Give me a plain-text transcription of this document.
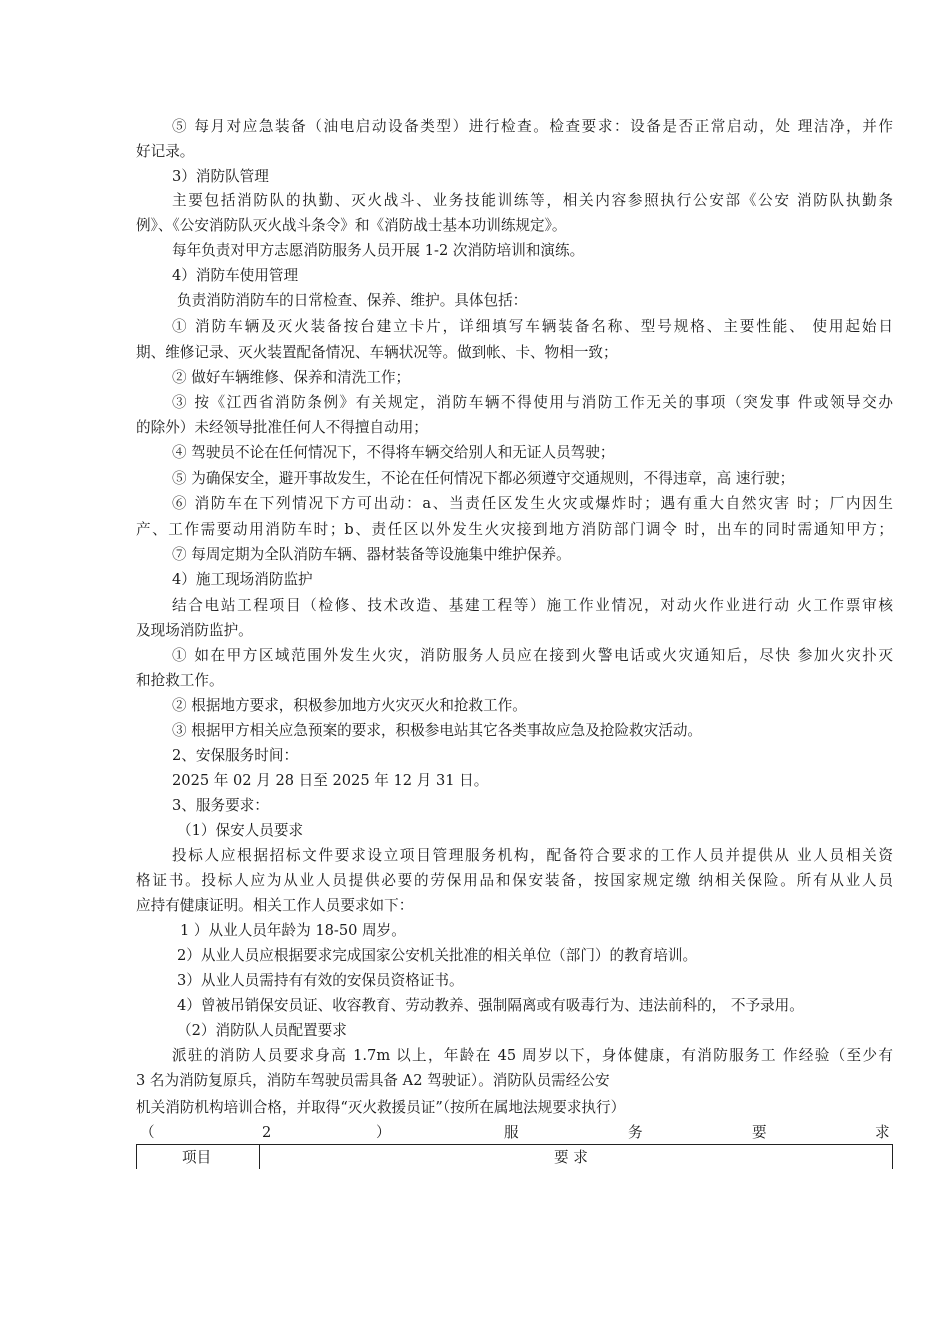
⑤ 每月对应急装备（油电启动设备类型）进行检查。检查要求：设备是否正常启动，处 理洁净，并作
好记录。
3）消防队管理
主要包括消防队的执勤、灭火战斗、业务技能训练等，相关内容参照执行公安部《公安 消防队执勤条
例》、《公安消防队灭火战斗条令》和《消防战士基本功训练规定》。
每年负责对甲方志愿消防服务人员开展 1-2 次消防培训和演练。
4）消防车使用管理
负责消防消防车的日常检查、保养、维护。具体包括：
① 消防车辆及灭火装备按台建立卡片，详细填写车辆装备名称、型号规格、主要性能、 使用起始日
期、维修记录、灭火装置配备情况、车辆状况等。做到帐、卡、物相一致；
② 做好车辆维修、保养和清洗工作；
③ 按《江西省消防条例》有关规定，消防车辆不得使用与消防工作无关的事项（突发事 件或领导交办
的除外）未经领导批准任何人不得擅自动用；
④ 驾驶员不论在任何情况下，不得将车辆交给别人和无证人员驾驶；
⑤ 为确保安全，避开事故发生，不论在任何情况下都必须遵守交通规则，不得违章，高 速行驶；
⑥ 消防车在下列情况下方可出动：a、当责任区发生火灾或爆炸时；遇有重大自然灾害 时；厂内因生
产、工作需要动用消防车时；b、责任区以外发生火灾接到地方消防部门调令 时，出车的同时需通知甲方；
⑦ 每周定期为全队消防车辆、器材装备等设施集中维护保养。
4）施工现场消防监护
结合电站工程项目（检修、技术改造、基建工程等）施工作业情况，对动火作业进行动 火工作票审核
及现场消防监护。
① 如在甲方区域范围外发生火灾，消防服务人员应在接到火警电话或火灾通知后，尽快 参加火灾扑灭
和抢救工作。
② 根据地方要求，积极参加地方火灾灭火和抢救工作。
③ 根据甲方相关应急预案的要求，积极参电站其它各类事故应急及抢险救灾活动。
2、安保服务时间：
2025 年 02 月 28 日至 2025 年 12 月 31 日。
3、服务要求：
（1）保安人员要求
投标人应根据招标文件要求设立项目管理服务机构，配备符合要求的工作人员并提供从 业人员相关资
格证书。投标人应为从业人员提供必要的劳保用品和保安装备，按国家规定缴 纳相关保险。所有从业人员
应持有健康证明。相关工作人员要求如下：
1 ）从业人员年龄为 18-50 周岁。
2）从业人员应根据要求完成国家公安机关批准的相关单位（部门）的教育培训。
3）从业人员需持有有效的安保员资格证书。
4）曾被吊销保安员证、收容教育、劳动教养、强制隔离或有吸毒行为、违法前科的， 不予录用。
（2）消防队人员配置要求
派驻的消防人员要求身高 1.7m 以上，年龄在 45 周岁以下，身体健康，有消防服务工 作经验（至少有
3 名为消防复原兵，消防车驾驶员需具备 A2 驾驶证）。消防队员需经公安
机关消防机构培训合格，并取得“灭火救援员证”（按所在属地法规要求执行）
（	2	）	服	务	要	求
项目	要 求
